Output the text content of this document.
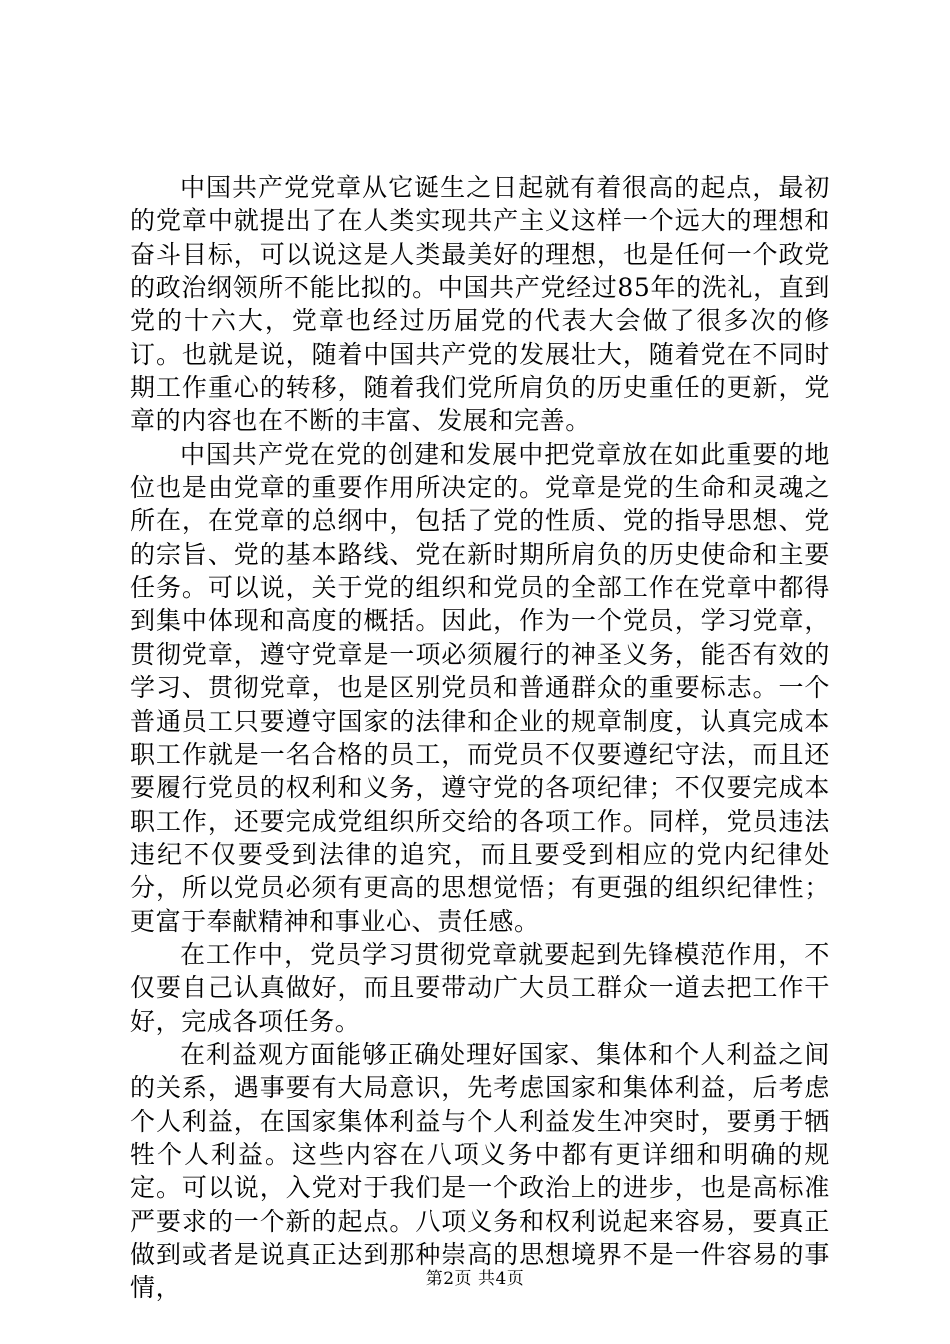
中国共产党党章从它诞生之日起就有着很高的起点，最初的党章中就提出了在人类实现共产主义这样一个远大的理想和奋斗目标，可以说这是人类最美好的理想，也是任何一个政党的政治纲领所不能比拟的。中国共产党经过85年的洗礼，直到党的十六大，党章也经过历届党的代表大会做了很多次的修订。也就是说，随着中国共产党的发展壮大，随着党在不同时期工作重心的转移，随着我们党所肩负的历史重任的更新，党章的内容也在不断的丰富、发展和完善。

中国共产党在党的创建和发展中把党章放在如此重要的地位也是由党章的重要作用所决定的。党章是党的生命和灵魂之所在，在党章的总纲中，包括了党的性质、党的指导思想、党的宗旨、党的基本路线、党在新时期所肩负的历史使命和主要任务。可以说，关于党的组织和党员的全部工作在党章中都得到集中体现和高度的概括。因此，作为一个党员，学习党章，贯彻党章，遵守党章是一项必须履行的神圣义务，能否有效的学习、贯彻党章，也是区别党员和普通群众的重要标志。一个普通员工只要遵守国家的法律和企业的规章制度，认真完成本职工作就是一名合格的员工，而党员不仅要遵纪守法，而且还要履行党员的权利和义务，遵守党的各项纪律；不仅要完成本职工作，还要完成党组织所交给的各项工作。同样，党员违法违纪不仅要受到法律的追究，而且要受到相应的党内纪律处分，所以党员必须有更高的思想觉悟；有更强的组织纪律性；更富于奉献精神和事业心、责任感。

在工作中，党员学习贯彻党章就要起到先锋模范作用，不仅要自己认真做好，而且要带动广大员工群众一道去把工作干好，完成各项任务。

在利益观方面能够正确处理好国家、集体和个人利益之间的关系，遇事要有大局意识，先考虑国家和集体利益，后考虑个人利益，在国家集体利益与个人利益发生冲突时，要勇于牺牲个人利益。这些内容在八项义务中都有更详细和明确的规定。可以说，入党对于我们是一个政治上的进步，也是高标准严要求的一个新的起点。八项义务和权利说起来容易，要真正做到或者是说真正达到那种崇高的思想境界不是一件容易的事情，	第2页 共4页
